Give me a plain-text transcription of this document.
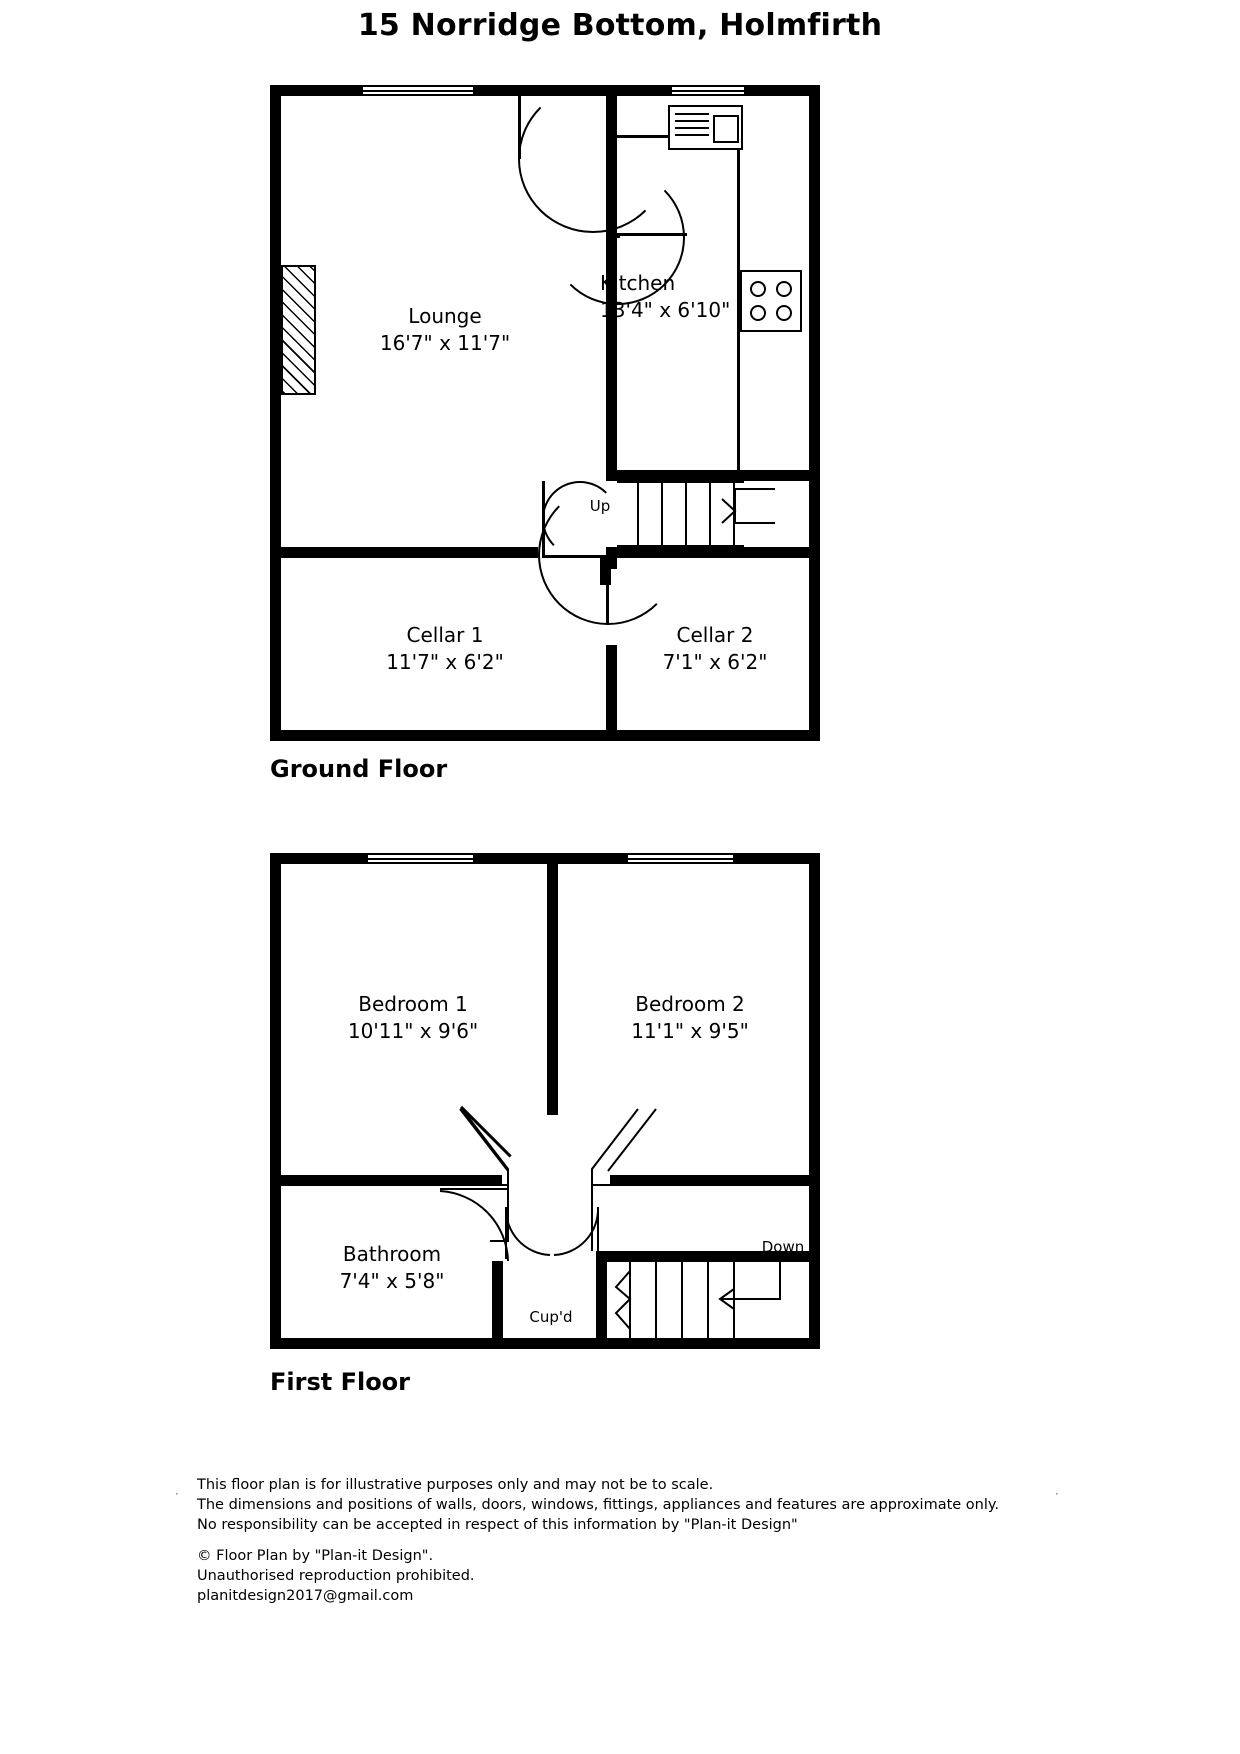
15 Norridge Bottom, Holmfirth
Up
Lounge
16'7" x 11'7"
Kitchen
13'4" x 6'10"
Cellar 1
11'7" x 6'2"
Cellar 2
7'1" x 6'2"
Ground Floor
Down
Bedroom 1
10'11" x 9'6"
Bedroom 2
11'1" x 9'5"
Bathroom
7'4" x 5'8"
Cup'd
First Floor
This floor plan is for illustrative purposes only and may not be to scale.
The dimensions and positions of walls, doors, windows, fittings, appliances and features are approximate only.
No responsibility can be accepted in respect of this information by "Plan-it Design"
© Floor Plan by "Plan-it Design".
Unauthorised reproduction prohibited.
planitdesign2017@gmail.com
·	·
